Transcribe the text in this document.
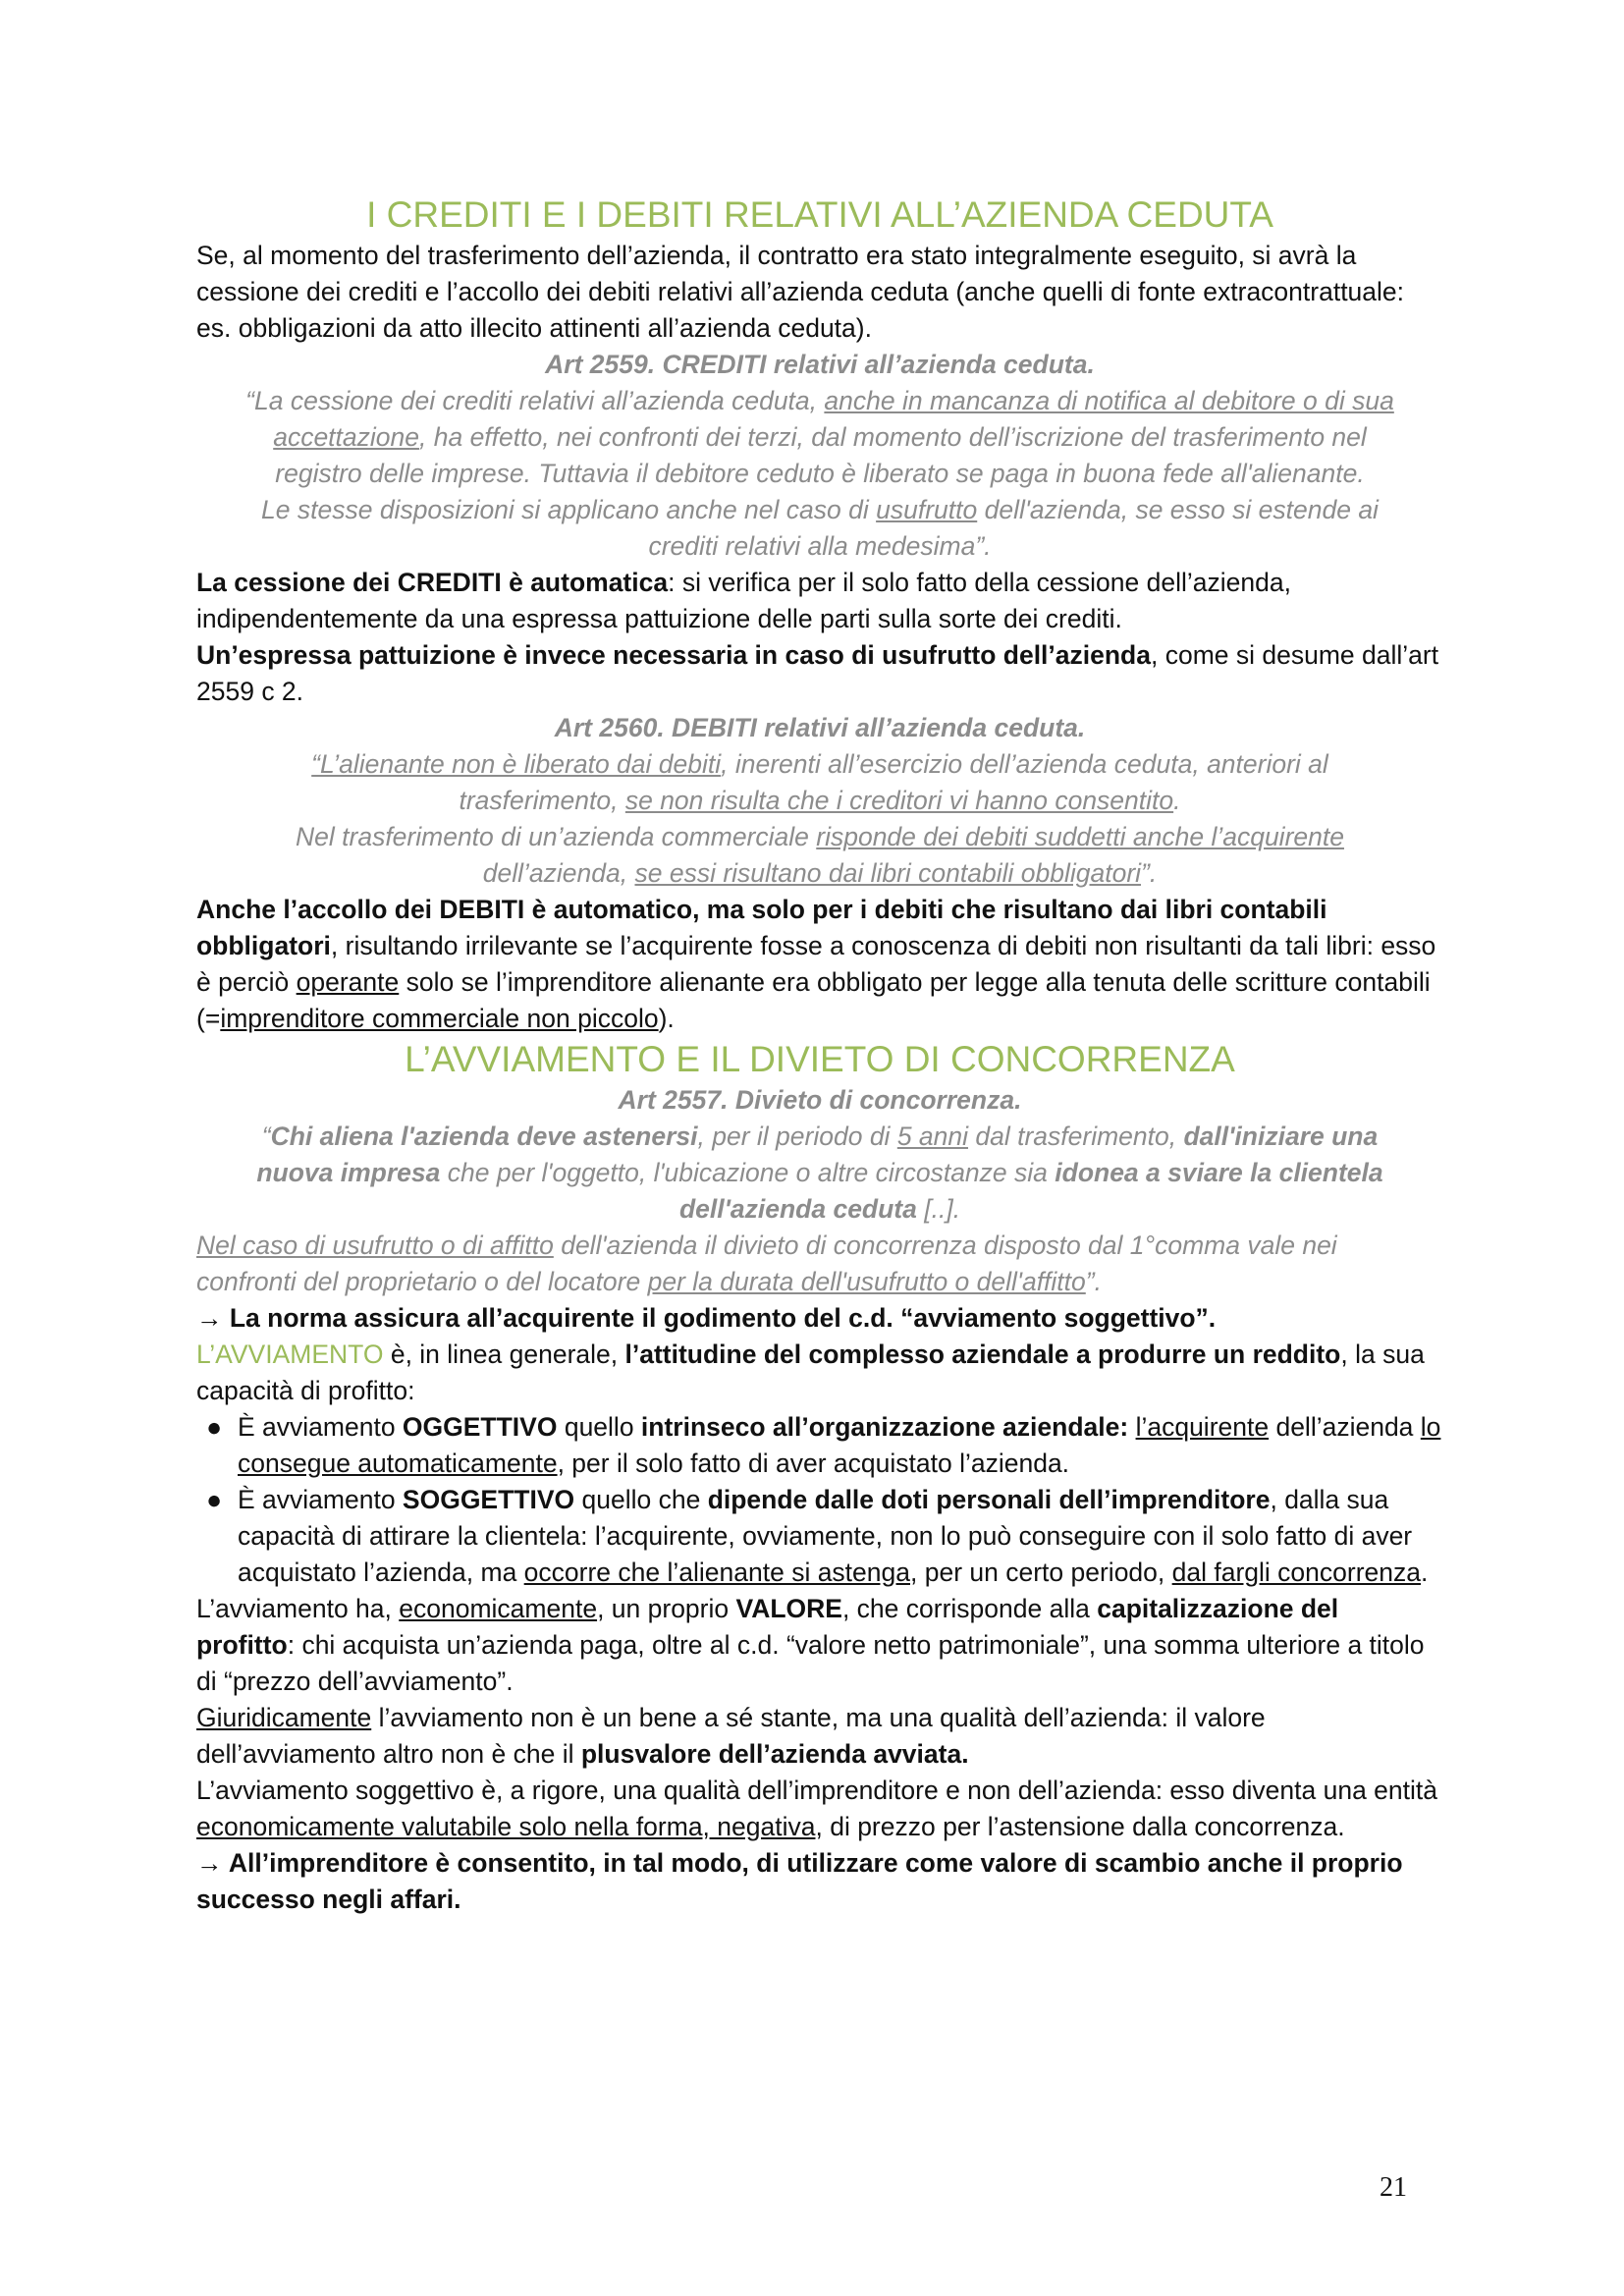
I CREDITI E I DEBITI RELATIVI ALL’AZIENDA CEDUTA

Se, al momento del trasferimento dell’azienda, il contratto era stato integralmente eseguito, si avrà la cessione dei crediti e l’accollo dei debiti relativi all’azienda ceduta (anche quelli di fonte extracontrattuale: es. obbligazioni da atto illecito attinenti all’azienda ceduta).

Art 2559. CREDITI relativi all’azienda ceduta.
“La cessione dei crediti relativi all’azienda ceduta, anche in mancanza di notifica al debitore o di sua accettazione, ha effetto, nei confronti dei terzi, dal momento dell’iscrizione del trasferimento nel registro delle imprese. Tuttavia il debitore ceduto è liberato se paga in buona fede all'alienante.
Le stesse disposizioni si applicano anche nel caso di usufrutto dell'azienda, se esso si estende ai crediti relativi alla medesima”.

La cessione dei CREDITI è automatica: si verifica per il solo fatto della cessione dell’azienda, indipendentemente da una espressa pattuizione delle parti sulla sorte dei crediti.
Un’espressa pattuizione è invece necessaria in caso di usufrutto dell’azienda, come si desume dall’art 2559 c 2.

Art 2560. DEBITI relativi all’azienda ceduta.
“L’alienante non è liberato dai debiti, inerenti all’esercizio dell’azienda ceduta, anteriori al trasferimento, se non risulta che i creditori vi hanno consentito.
Nel trasferimento di un’azienda commerciale risponde dei debiti suddetti anche l’acquirente dell’azienda, se essi risultano dai libri contabili obbligatori”.

Anche l’accollo dei DEBITI è automatico, ma solo per i debiti che risultano dai libri contabili obbligatori, risultando irrilevante se l’acquirente fosse a conoscenza di debiti non risultanti da tali libri: esso è perciò operante solo se l’imprenditore alienante era obbligato per legge alla tenuta delle scritture contabili (=imprenditore commerciale non piccolo).

L’AVVIAMENTO E IL DIVIETO DI CONCORRENZA
Art 2557. Divieto di concorrenza.
“Chi aliena l'azienda deve astenersi, per il periodo di 5 anni dal trasferimento, dall'iniziare una nuova impresa che per l'oggetto, l'ubicazione o altre circostanze sia idonea a sviare la clientela dell'azienda ceduta [..].
Nel caso di usufrutto o di affitto dell'azienda il divieto di concorrenza disposto dal 1°comma vale nei confronti del proprietario o del locatore per la durata dell'usufrutto o dell'affitto”.
→ La norma assicura all’acquirente il godimento del c.d. “avviamento soggettivo”.

L’AVVIAMENTO è, in linea generale, l’attitudine del complesso aziendale a produrre un reddito, la sua capacità di profitto:

● È avviamento OGGETTIVO quello intrinseco all’organizzazione aziendale: l’acquirente dell’azienda lo consegue automaticamente, per il solo fatto di aver acquistato l’azienda.
● È avviamento SOGGETTIVO quello che dipende dalle doti personali dell’imprenditore, dalla sua capacità di attirare la clientela: l’acquirente, ovviamente, non lo può conseguire con il solo fatto di aver acquistato l’azienda, ma occorre che l’alienante si astenga, per un certo periodo, dal fargli concorrenza.

L’avviamento ha, economicamente, un proprio VALORE, che corrisponde alla capitalizzazione del profitto: chi acquista un’azienda paga, oltre al c.d. “valore netto patrimoniale”, una somma ulteriore a titolo di “prezzo dell’avviamento”.

Giuridicamente l’avviamento non è un bene a sé stante, ma una qualità dell’azienda: il valore dell’avviamento altro non è che il plusvalore dell’azienda avviata.

L’avviamento soggettivo è, a rigore, una qualità dell’imprenditore e non dell’azienda: esso diventa una entità economicamente valutabile solo nella forma, negativa, di prezzo per l’astensione dalla concorrenza.

→ All’imprenditore è consentito, in tal modo, di utilizzare come valore di scambio anche il proprio successo negli affari.
21
